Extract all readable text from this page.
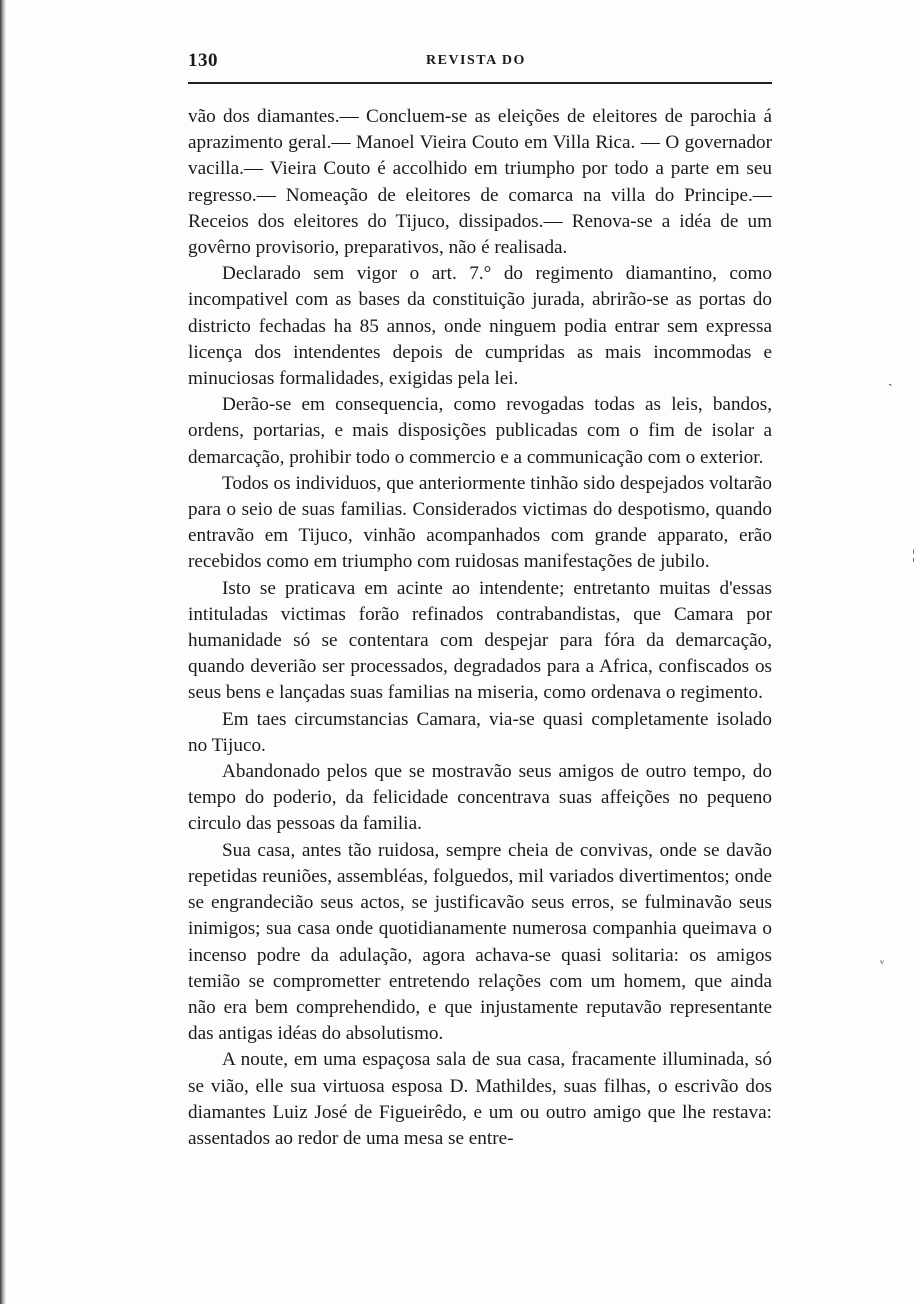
130	REVISTA DO

vão dos diamantes.— Concluem-se as eleições de eleitores de parochia á aprazimento geral.— Manoel Vieira Couto em Villa Rica. — O governador vacilla.— Vieira Couto é accolhido em triumpho por todo a parte em seu regresso.— Nomeação de eleitores de comarca na villa do Principe.— Receios dos eleitores do Tijuco, dissipados.— Renova-se a idéa de um govêrno provisorio, preparativos, não é realisada.

Declarado sem vigor o art. 7.° do regimento diamantino, como incompativel com as bases da constituição jurada, abrirão-se as portas do districto fechadas ha 85 annos, onde ninguem podia entrar sem expressa licença dos intendentes depois de cumpridas as mais incommodas e minuciosas formalidades, exigidas pela lei.

Derão-se em consequencia, como revogadas todas as leis, bandos, ordens, portarias, e mais disposições publicadas com o fim de isolar a demarcação, prohibir todo o commercio e a communicação com o exterior.

Todos os individuos, que anteriormente tinhão sido despejados voltarão para o seio de suas familias. Considerados victimas do despotismo, quando entravão em Tijuco, vinhão acompanhados com grande apparato, erão recebidos como em triumpho com ruidosas manifestações de jubilo.

Isto se praticava em acinte ao intendente; entretanto muitas d'essas intituladas victimas forão refinados contrabandistas, que Camara por humanidade só se contentara com despejar para fóra da demarcação, quando deverião ser processados, degradados para a Africa, confiscados os seus bens e lançadas suas familias na miseria, como ordenava o regimento.

Em taes circumstancias Camara, via-se quasi completamente isolado no Tijuco.

Abandonado pelos que se mostravão seus amigos de outro tempo, do tempo do poderio, da felicidade concentrava suas affeições no pequeno circulo das pessoas da familia.

Sua casa, antes tão ruidosa, sempre cheia de convivas, onde se davão repetidas reuniões, assembléas, folguedos, mil variados divertimentos; onde se engrandecião seus actos, se justificavão seus erros, se fulminavão seus inimigos; sua casa onde quotidianamente numerosa companhia queimava o incenso podre da adulação, agora achava-se quasi solitaria: os amigos temião se comprometter entretendo relações com um homem, que ainda não era bem comprehendido, e que injustamente reputavão representante das antigas idéas do absolutismo.

A noute, em uma espaçosa sala de sua casa, fracamente illuminada, só se vião, elle sua virtuosa esposa D. Mathildes, suas filhas, o escrivão dos diamantes Luiz José de Figueirêdo, e um ou outro amigo que lhe restava: assentados ao redor de uma mesa se entre-

ˎ
¦
ᵥ
